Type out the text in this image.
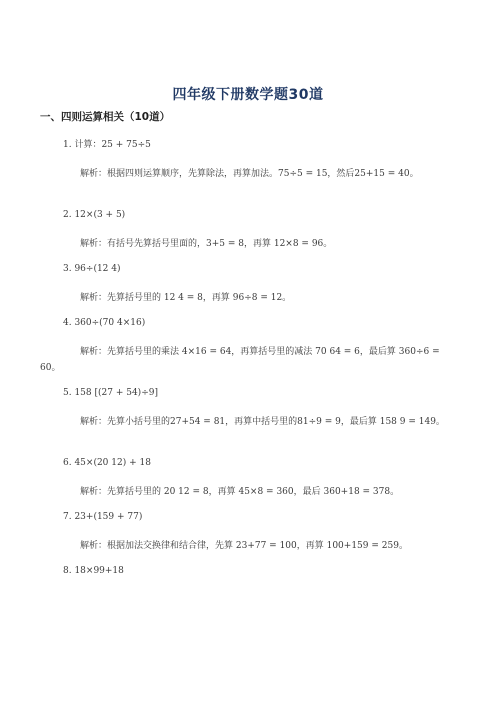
四年级下册数学题30道
一、四则运算相关（10道）
1. 计算：25 + 75÷5
解析：根据四则运算顺序，先算除法，再算加法。75÷5 = 15，然后25+15 = 40。
2. 12×(3 + 5)
解析：有括号先算括号里面的，3+5 = 8，再算 12×8 = 96。
3. 96÷(12 4)
解析：先算括号里的 12 4 = 8，再算 96÷8 = 12。
4. 360÷(70 4×16)
解析：先算括号里的乘法 4×16 = 64，再算括号里的减法 70 64 = 6，最后算 360÷6 = 60。
5. 158 [(27 + 54)÷9]
解析：先算小括号里的27+54 = 81，再算中括号里的81÷9 = 9，最后算 158 9 = 149。
6. 45×(20 12) + 18
解析：先算括号里的 20 12 = 8，再算 45×8 = 360，最后 360+18 = 378。
7. 23+(159 + 77)
解析：根据加法交换律和结合律，先算 23+77 = 100，再算 100+159 = 259。
8. 18×99+18
